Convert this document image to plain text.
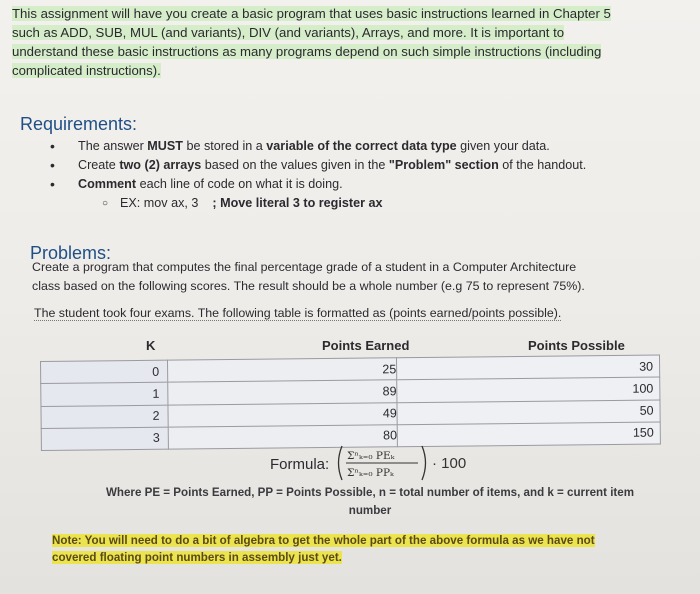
This assignment will have you create a basic program that uses basic instructions learned in Chapter 5

such as ADD, SUB, MUL (and variants), DIV (and variants), Arrays, and more. It is important to

understand these basic instructions as many programs depend on such simple instructions (including

complicated instructions).

Requirements:
• The answer MUST be stored in a variable of the correct data type given your data.
• Create two (2) arrays based on the values given in the "Problem" section of the handout.
• Comment each line of code on what it is doing.
○ EX: mov ax, 3 ; Move literal 3 to register ax
Problems:

Create a program that computes the final percentage grade of a student in a Computer Architecture

class based on the following scores. The result should be a whole number (e.g 75 to represent 75%).

The student took four exams. The following table is formatted as (points earned/points possible).
K	Points Earned	Points Possible
0	25	30
1	89	100
2	49	50
3	80	150
Formula: Σⁿₖ₌₀ PEₖ
Σⁿₖ₌₀ PPₖ
· 100
Where PE = Points Earned, PP = Points Possible, n = total number of items, and k = current item
number
Note: You will need to do a bit of algebra to get the whole part of the above formula as we have not
covered floating point numbers in assembly just yet.
